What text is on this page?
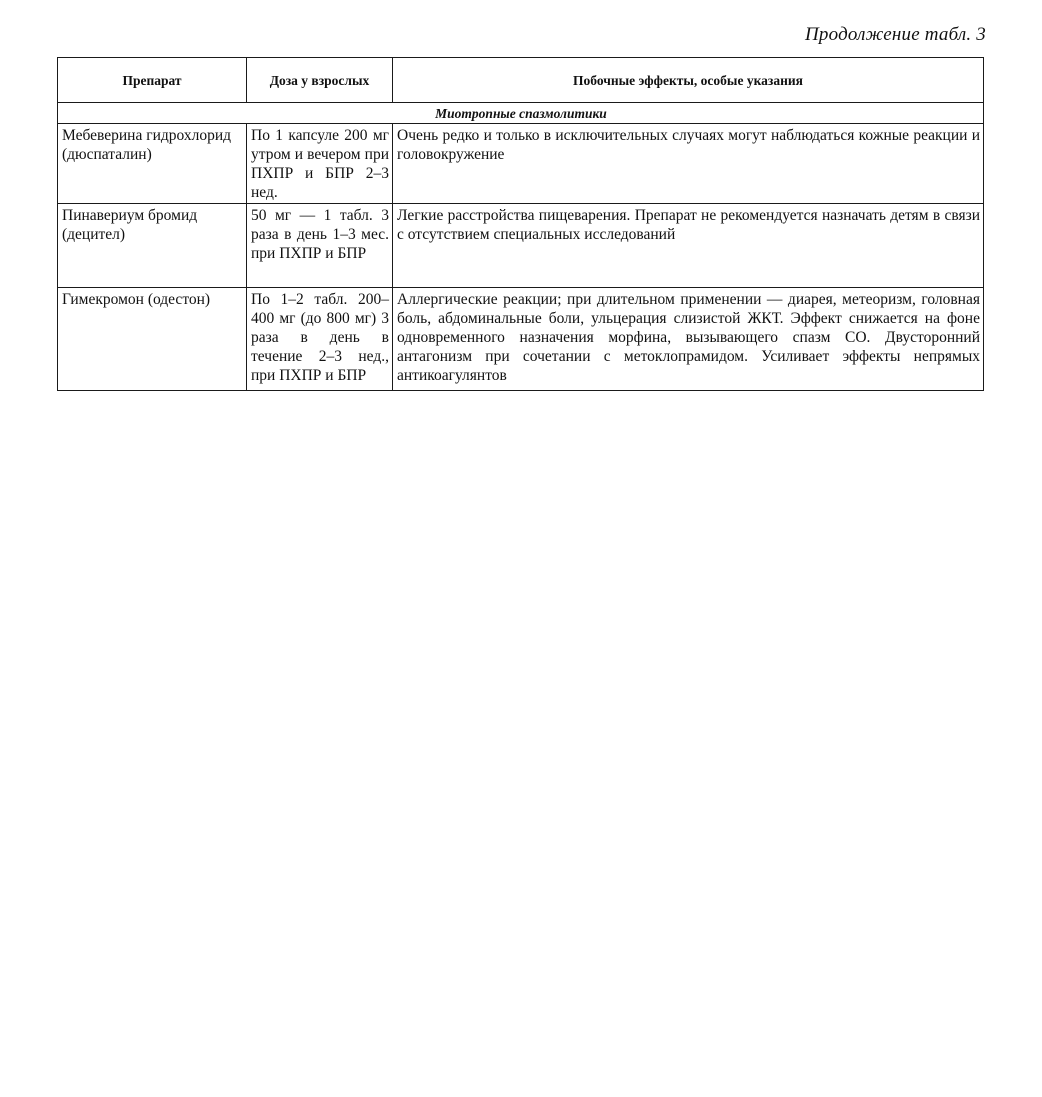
Продолжение табл. 3
Препарат	Доза у взрослых	Побочные эффекты, особые указания
Миотропные спазмолитики		
Мебеверина гидрохлорид (дюспаталин)	По 1 капсуле 200 мг утром и вечером при ПХПР и БПР 2–3 нед.	Очень редко и только в исключительных случаях могут наблюдаться кожные реакции и головокружение
Пинавериум бромид (децител)	50 мг — 1 табл. 3 раза в день 1–3 мес. при ПХПР и БПР	Легкие расстройства пищеварения. Препарат не рекомендуется назначать детям в связи с отсутствием специальных исследований
Гимекромон (одестон)	По 1–2 табл. 200–400 мг (до 800 мг) 3 раза в день в течение 2–3 нед., при ПХПР и БПР	Аллергические реакции; при длительном применении — диарея, метеоризм, головная боль, абдоминальные боли, ульцерация слизистой ЖКТ. Эффект снижается на фоне одновременного назначения морфина, вызывающего спазм СО. Двусторонний антагонизм при сочетании с метоклопрамидом. Усиливает эффекты непрямых антикоагулянтов
